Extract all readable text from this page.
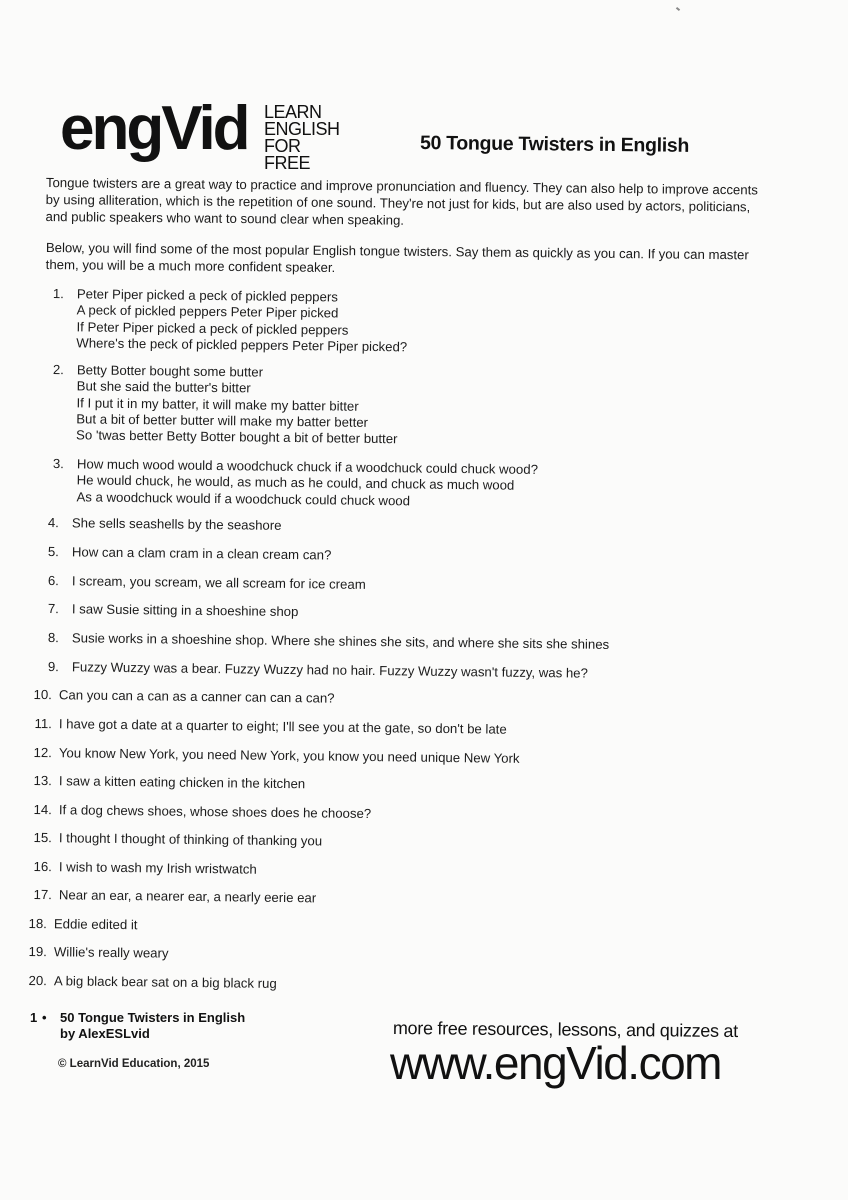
engVid LEARN
ENGLISH
FOR FREE
50 Tongue Twisters in English

Tongue twisters are a great way to practice and improve pronunciation and fluency. They can also help to improve accents by using alliteration, which is the repetition of one sound. They're not just for kids, but are also used by actors, politicians, and public speakers who want to sound clear when speaking.

Below, you will find some of the most popular English tongue twisters. Say them as quickly as you can. If you can master them, you will be a much more confident speaker.

1. Peter Piper picked a peck of pickled peppers
A peck of pickled peppers Peter Piper picked
If Peter Piper picked a peck of pickled peppers
Where's the peck of pickled peppers Peter Piper picked?
2. Betty Botter bought some butter
But she said the butter's bitter
If I put it in my batter, it will make my batter bitter
But a bit of better butter will make my batter better
So 'twas better Betty Botter bought a bit of better butter
3. How much wood would a woodchuck chuck if a woodchuck could chuck wood?
He would chuck, he would, as much as he could, and chuck as much wood
As a woodchuck would if a woodchuck could chuck wood
4. She sells seashells by the seashore
5. How can a clam cram in a clean cream can?
6. I scream, you scream, we all scream for ice cream
7. I saw Susie sitting in a shoeshine shop
8. Susie works in a shoeshine shop. Where she shines she sits, and where she sits she shines
9. Fuzzy Wuzzy was a bear. Fuzzy Wuzzy had no hair. Fuzzy Wuzzy wasn't fuzzy, was he?
10. Can you can a can as a canner can can a can?
11. I have got a date at a quarter to eight; I'll see you at the gate, so don't be late
12. You know New York, you need New York, you know you need unique New York
13. I saw a kitten eating chicken in the kitchen
14. If a dog chews shoes, whose shoes does he choose?
15. I thought I thought of thinking of thanking you
16. I wish to wash my Irish wristwatch
17. Near an ear, a nearer ear, a nearly eerie ear
18. Eddie edited it
19. Willie's really weary
20. A big black bear sat on a big black rug
1 • 50 Tongue Twisters in English
by AlexESLvid
© LearnVid Education, 2015
more free resources, lessons, and quizzes at
www.engVid.com
